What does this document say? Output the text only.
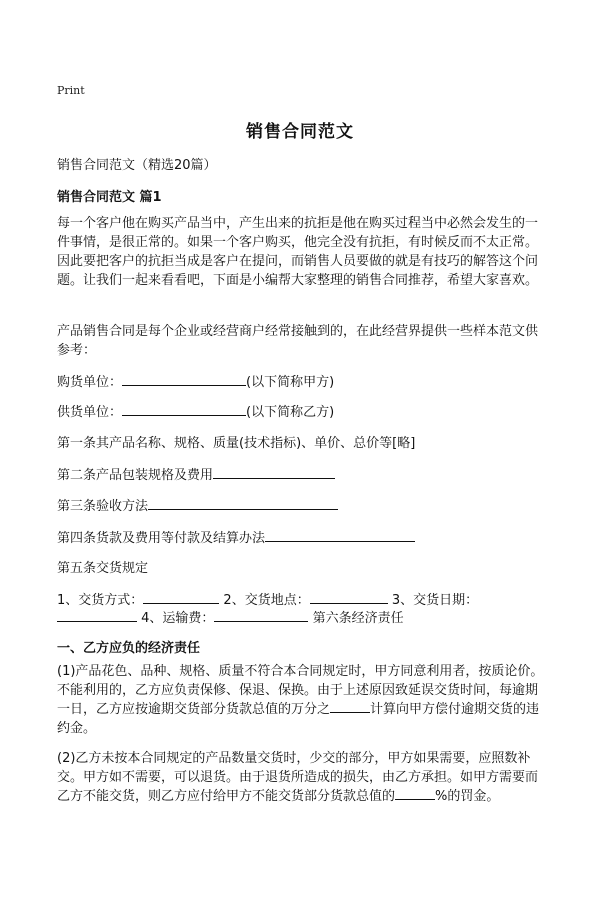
Print
销售合同范文
销售合同范文（精选20篇）
销售合同范文 篇1
每一个客户他在购买产品当中，产生出来的抗拒是他在购买过程当中必然会发生的一件事情，是很正常的。如果一个客户购买，他完全没有抗拒，有时候反而不太正常。因此要把客户的抗拒当成是客户在提问，而销售人员要做的就是有技巧的解答这个问题。让我们一起来看看吧，下面是小编帮大家整理的销售合同推荐，希望大家喜欢。
产品销售合同是每个企业或经营商户经常接触到的，在此经营界提供一些样本范文供参考：
购货单位：	(以下简称甲方)
供货单位：	(以下简称乙方)
第一条其产品名称、规格、质量(技术指标)、单价、总价等[略]
第二条产品包装规格及费用
第三条验收方法
第四条货款及费用等付款及结算办法
第五条交货规定
1、交货方式：	2、交货地点：	3、交货日期：
4、运输费：	第六条经济责任
一、乙方应负的经济责任
(1)产品花色、品种、规格、质量不符合本合同规定时，甲方同意利用者，按质论价。不能利用的，乙方应负责保修、保退、保换。由于上述原因致延误交货时间，每逾期一日，乙方应按逾期交货部分货款总值的万分之	计算向甲方偿付逾期交货的违约金。
(2)乙方未按本合同规定的产品数量交货时，少交的部分，甲方如果需要，应照数补交。甲方如不需要，可以退货。由于退货所造成的损失，由乙方承担。如甲方需要而乙方不能交货，则乙方应付给甲方不能交货部分货款总值的	%的罚金。
